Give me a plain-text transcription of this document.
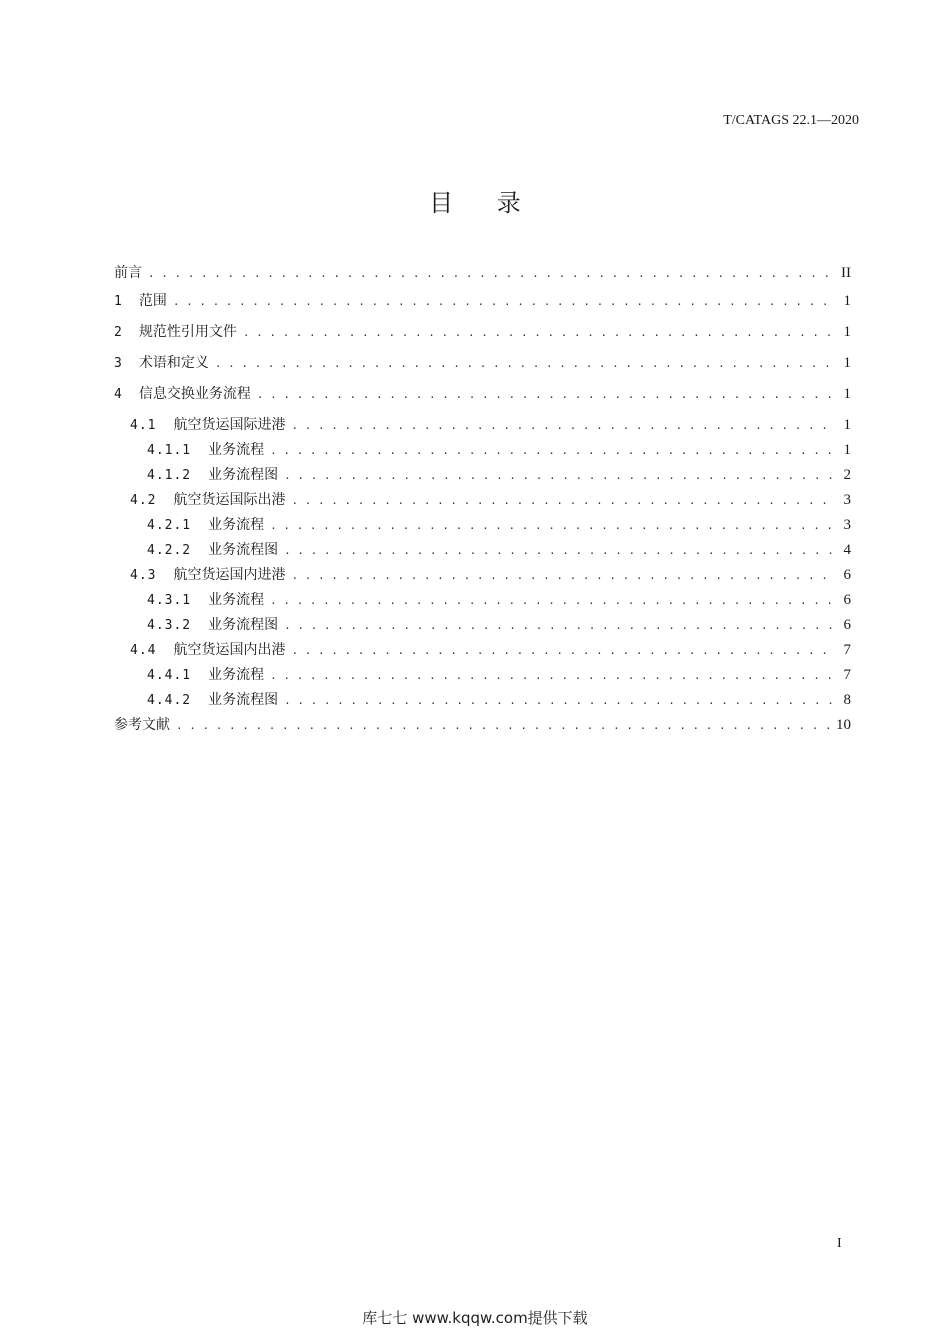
T/CATAGS 22.1—2020
目 录
前言 . . .	II
1 范围 . . .	1
2 规范性引用文件 . . .	1
3 术语和定义 . . .	1
4 信息交换业务流程 . . .	1
4.1 航空货运国际进港 . . .	1
4.1.1 业务流程 . . .	1
4.1.2 业务流程图 . . .	2
4.2 航空货运国际出港 . . .	3
4.2.1 业务流程 . . .	3
4.2.2 业务流程图 . . .	4
4.3 航空货运国内进港 . . .	6
4.3.1 业务流程 . . .	6
4.3.2 业务流程图 . . .	6
4.4 航空货运国内出港 . . .	7
4.4.1 业务流程 . . .	7
4.4.2 业务流程图 . . .	8
参考文献 . . .	10
I
库七七 www.kqqw.com提供下载
